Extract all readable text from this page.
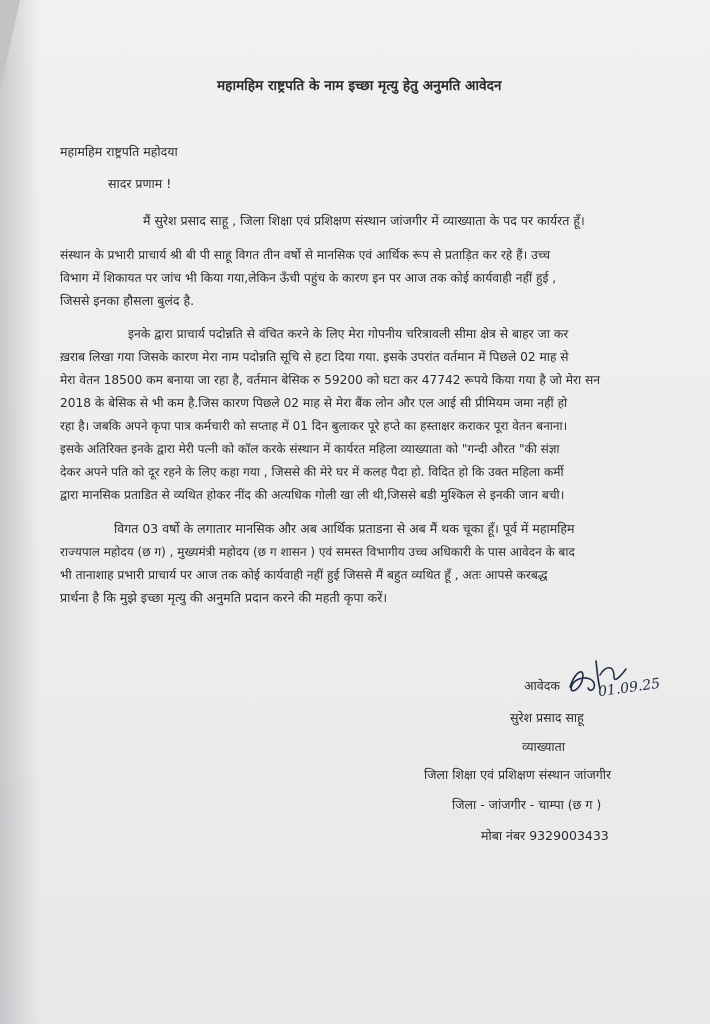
महामहिम राष्ट्रपति के नाम इच्छा मृत्यु हेतु अनुमति आवेदन
महामहिम राष्ट्रपति महोदया
सादर प्रणाम !
मैं सुरेश प्रसाद साहू , जिला शिक्षा एवं प्रशिक्षण संस्थान जांजगीर में व्याख्याता के पद पर कार्यरत हूँ।
संस्थान के प्रभारी प्राचार्य श्री बी पी साहू विगत तीन वर्षो से मानसिक एवं आर्थिक रूप से प्रताड़ित कर रहे हैं। उच्च
विभाग में शिकायत पर जांच भी किया गया,लेकिन ऊँची पहुंच के कारण इन पर आज तक कोई कार्यवाही नहीं हुई ,
जिससे इनका हौसला बुलंद है.
इनके द्वारा प्राचार्य पदोन्नति से वंचित करने के लिए मेरा गोपनीय चरित्रावली सीमा क्षेत्र से बाहर जा कर
ख़राब लिखा गया जिसके कारण मेरा नाम पदोन्नति सूचि से हटा दिया गया. इसके उपरांत वर्तमान में पिछले 02 माह से
मेरा वेतन 18500 कम बनाया जा रहा है, वर्तमान बेसिक रु 59200 को घटा कर 47742 रूपये किया गया है जो मेरा सन
2018 के बेसिक से भी कम है.जिस कारण पिछले 02 माह से मेरा बैंक लोन और एल आई सी प्रीमियम जमा नहीं हो
रहा है। जबकि अपने कृपा पात्र कर्मचारी को सप्ताह में 01 दिन बुलाकर पूरे हप्ते का हस्ताक्षर कराकर पूरा वेतन बनाना।
इसके अतिरिक्त इनके द्वारा मेरी पत्नी को कॉल करके संस्थान में कार्यरत महिला व्याख्याता को "गन्दी औरत "की संज्ञा
देकर अपने पति को दूर रहने के लिए कहा गया , जिससे की मेरे घर में कलह पैदा हो. विदित हो कि उक्त महिला कर्मी
द्वारा मानसिक प्रताडित से व्यथित होकर नींद की अत्यधिक गोली खा ली थी,जिससे बडी मुश्किल से इनकी जान बची।
विगत 03 वर्षो के लगातार मानसिक और अब आर्थिक प्रताडना से अब मैं थक चूका हूँ। पूर्व में महामहिम
राज्यपाल महोदय (छ ग) , मुख्यमंत्री महोदय (छ ग शासन ) एवं समस्त विभागीय उच्च अधिकारी के पास आवेदन के बाद
भी तानाशाह प्रभारी प्राचार्य पर आज तक कोई कार्यवाही नहीं हुई जिससे मैं बहुत व्यथित हूँ , अतः आपसे करबद्ध
प्रार्थना है कि मुझे इच्छा मृत्यु की अनुमति प्रदान करने की महती कृपा करें।
आवेदक	01.09.25
सुरेश प्रसाद साहू
व्याख्याता
जिला शिक्षा एवं प्रशिक्षण संस्थान जांजगीर
जिला - जांजगीर - चाम्पा (छ ग )
मोबा नंबर 9329003433
